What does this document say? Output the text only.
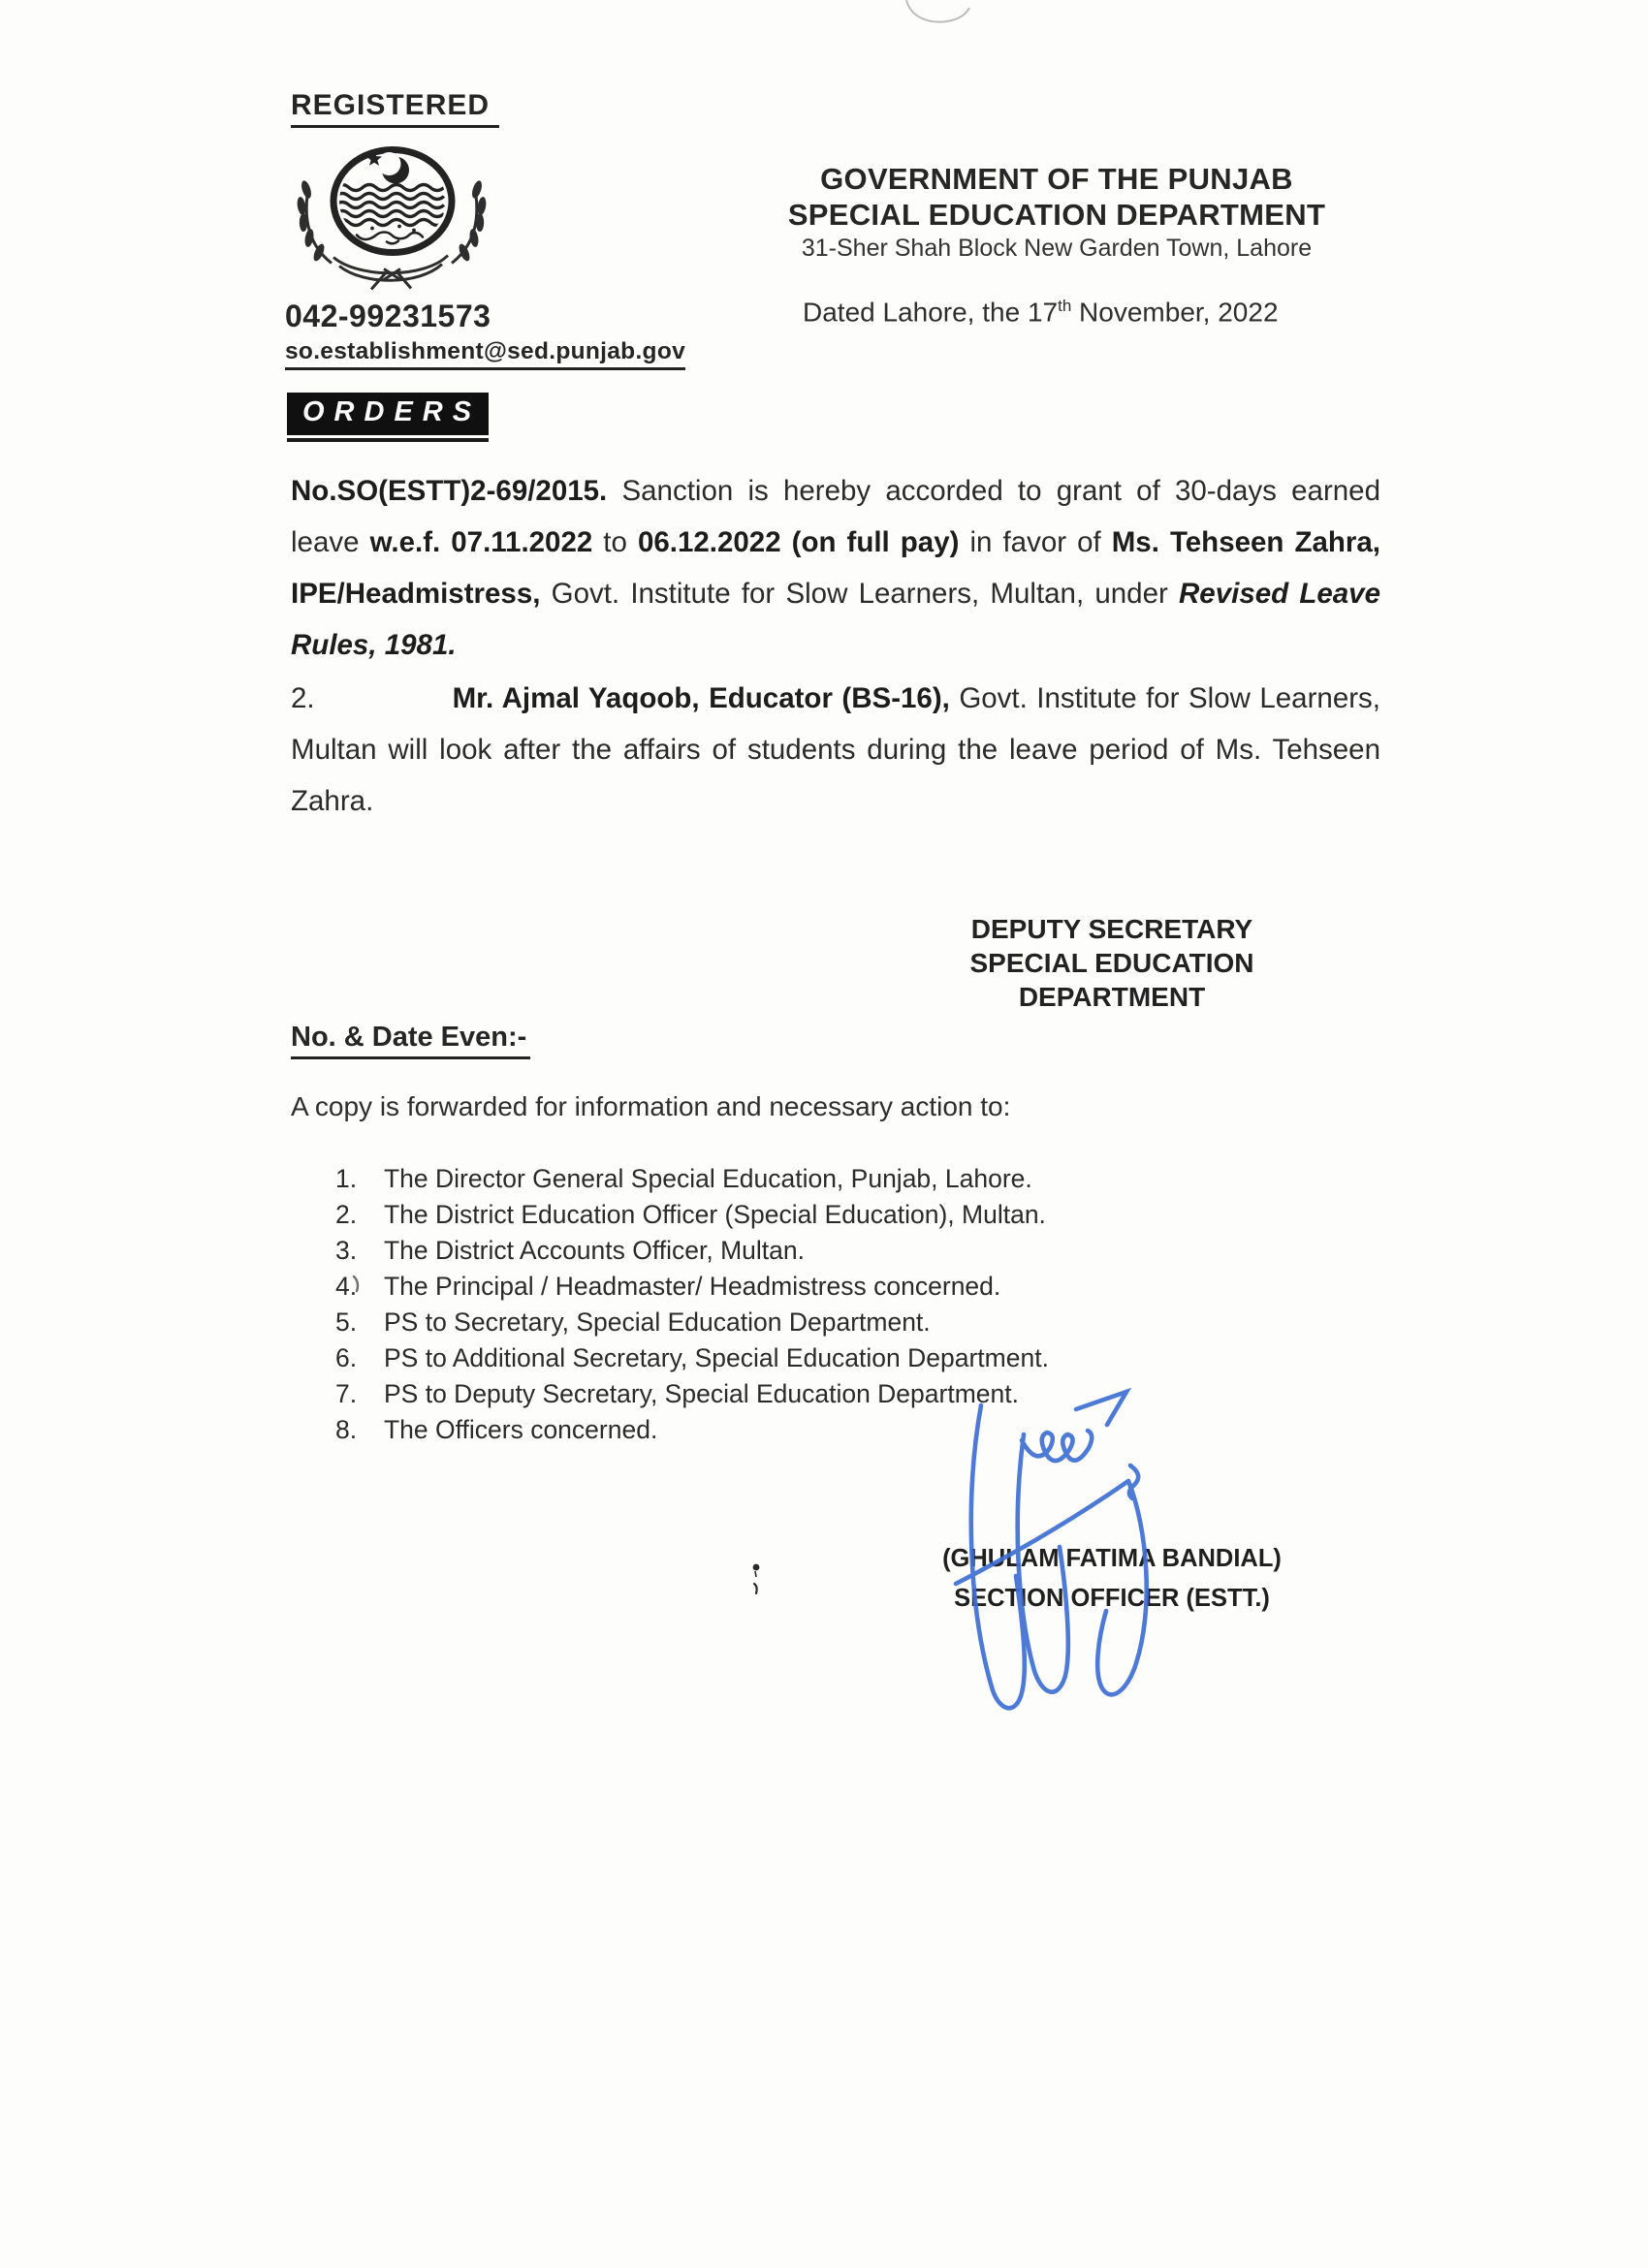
REGISTERED
042-99231573
so.establishment@sed.punjab.gov
GOVERNMENT OF THE PUNJAB
SPECIAL EDUCATION DEPARTMENT
31-Sher Shah Block New Garden Town, Lahore
Dated Lahore, the 17th November, 2022
ORDERS
No.SO(ESTT)2-69/2015. Sanction is hereby accorded to grant of 30-days earned leave w.e.f. 07.11.2022 to 06.12.2022 (on full pay) in favor of Ms. Tehseen Zahra, IPE/Headmistress, Govt. Institute for Slow Learners, Multan, under Revised Leave Rules, 1981.
2.	Mr. Ajmal Yaqoob, Educator (BS-16), Govt. Institute for Slow Learners, Multan will look after the affairs of students during the leave period of Ms. Tehseen Zahra.
DEPUTY SECRETARY
SPECIAL EDUCATION
DEPARTMENT
No. & Date Even:-
A copy is forwarded for information and necessary action to:
1.	The Director General Special Education, Punjab, Lahore.
2.	The District Education Officer (Special Education), Multan.
3.	The District Accounts Officer, Multan.
4.	The Principal / Headmaster/ Headmistress concerned.
5.	PS to Secretary, Special Education Department.
6.	PS to Additional Secretary, Special Education Department.
7.	PS to Deputy Secretary, Special Education Department.
8.	The Officers concerned.
(GHULAM FATIMA BANDIAL)
SECTION OFFICER (ESTT.)
